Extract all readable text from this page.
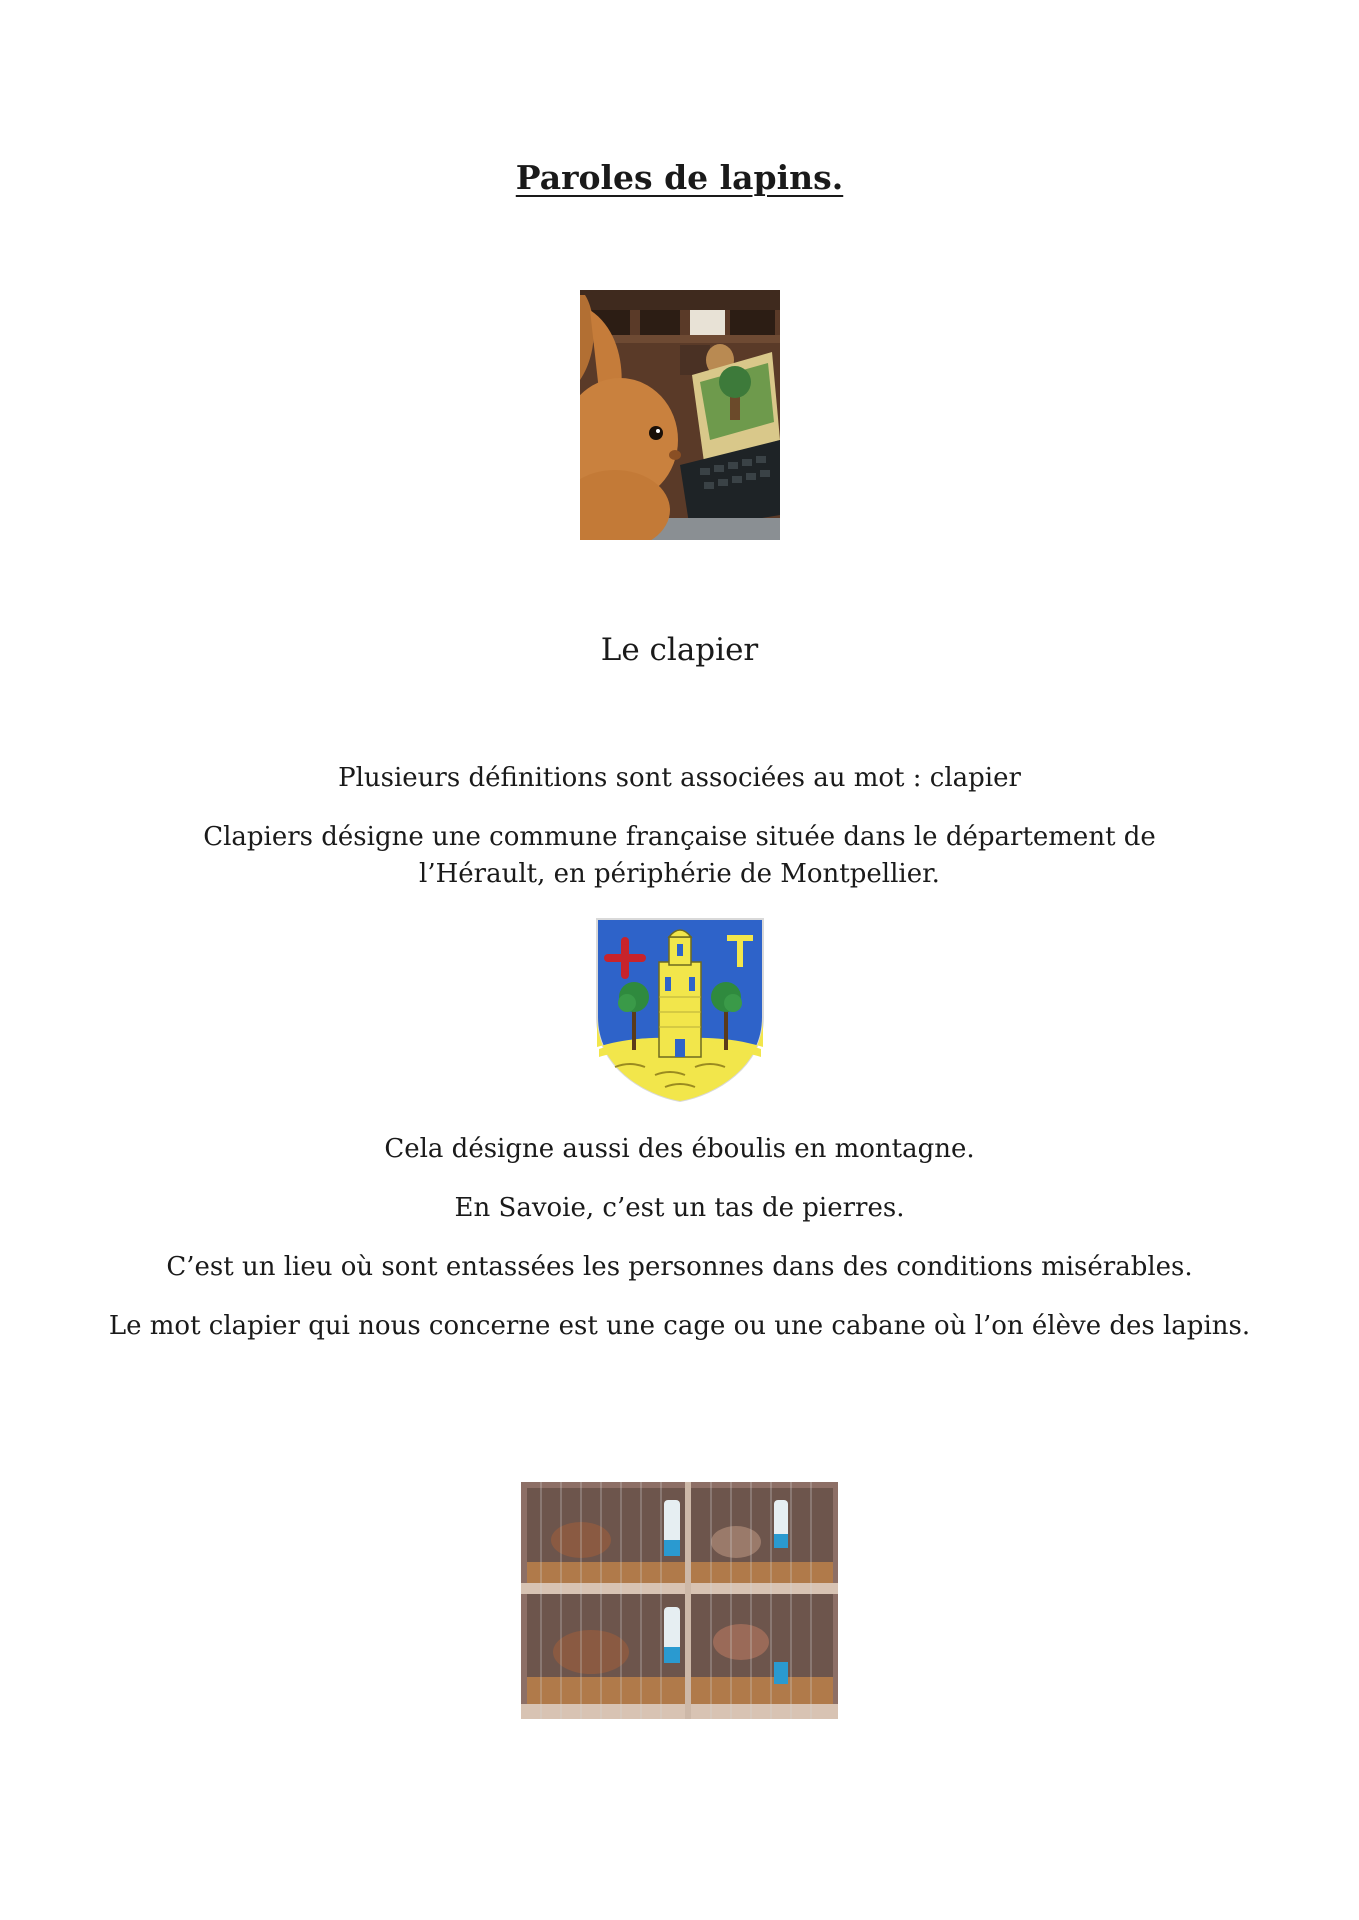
Paroles de lapins.
Le clapier
Plusieurs définitions sont associées au mot : clapier
Clapiers désigne une commune française située dans le département de l’Hérault, en périphérie de Montpellier.
Cela désigne aussi des éboulis en montagne.
En Savoie, c’est un tas de pierres.
C’est un lieu où sont entassées les personnes dans des conditions misérables.
Le mot clapier qui nous concerne est une cage ou une cabane où l’on élève des lapins.
